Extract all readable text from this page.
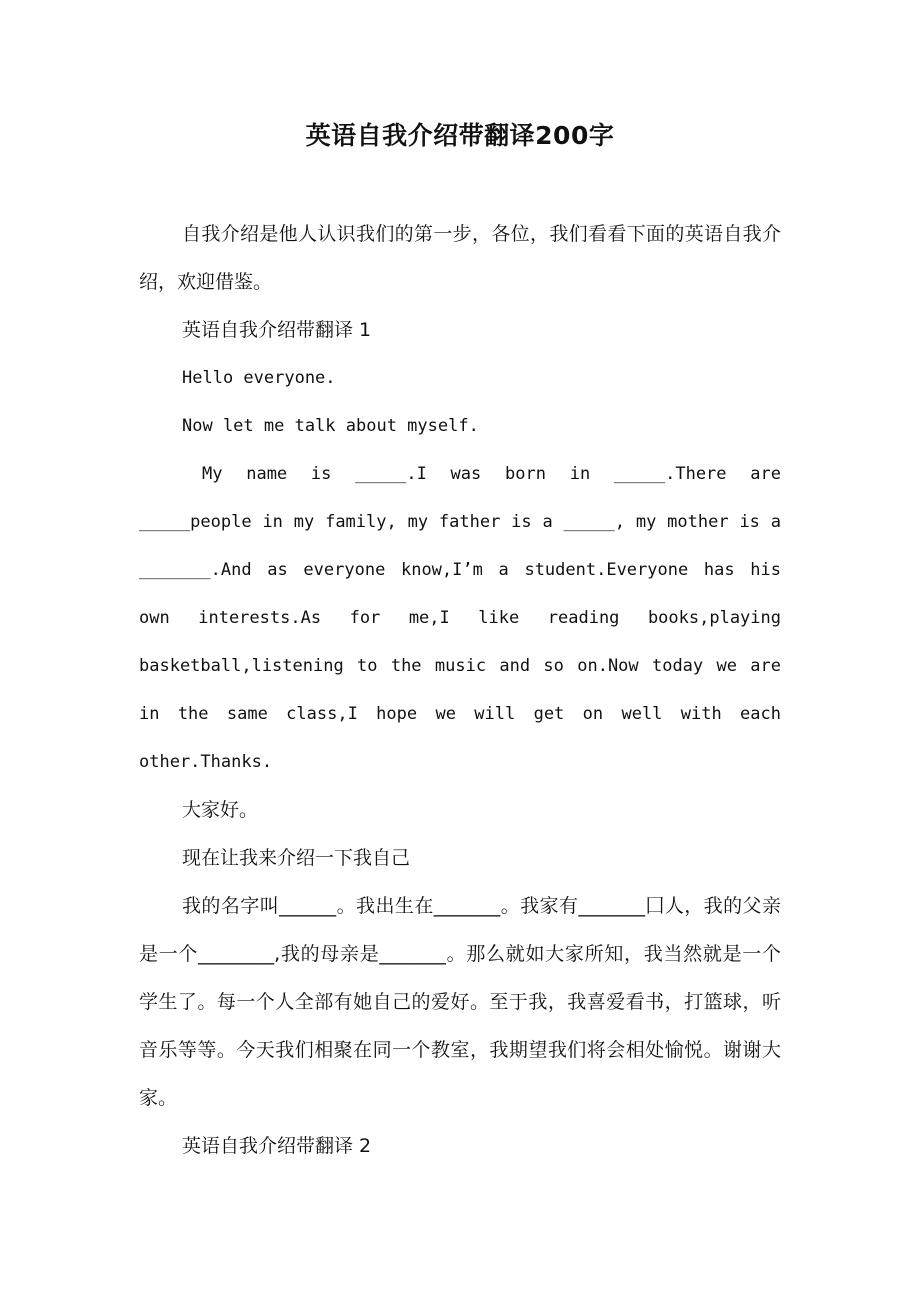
英语自我介绍带翻译200字

自我介绍是他人认识我们的第一步，各位，我们看看下面的英语自我介绍，欢迎借鉴。

英语自我介绍带翻译 1

Hello everyone.

Now let me talk about myself.

My name is _____.I was born in _____.There are _____people in my family, my father is a _____, my mother is a _______.And as everyone know,I’m a student.Everyone has his own interests.As for me,I like reading books,playing basketball,listening to the music and so on.Now today we are in the same class,I hope we will get on well with each other.Thanks.

大家好。

现在让我来介绍一下我自己

我的名字叫______。我出生在_______。我家有_______囗人，我的父亲是一个________,我的母亲是_______。那么就如大家所知，我当然就是一个学生了。每一个人全部有她自己的爱好。至于我，我喜爱看书，打篮球，听音乐等等。今天我们相聚在同一个教室，我期望我们将会相处愉悦。谢谢大家。

英语自我介绍带翻译 2
